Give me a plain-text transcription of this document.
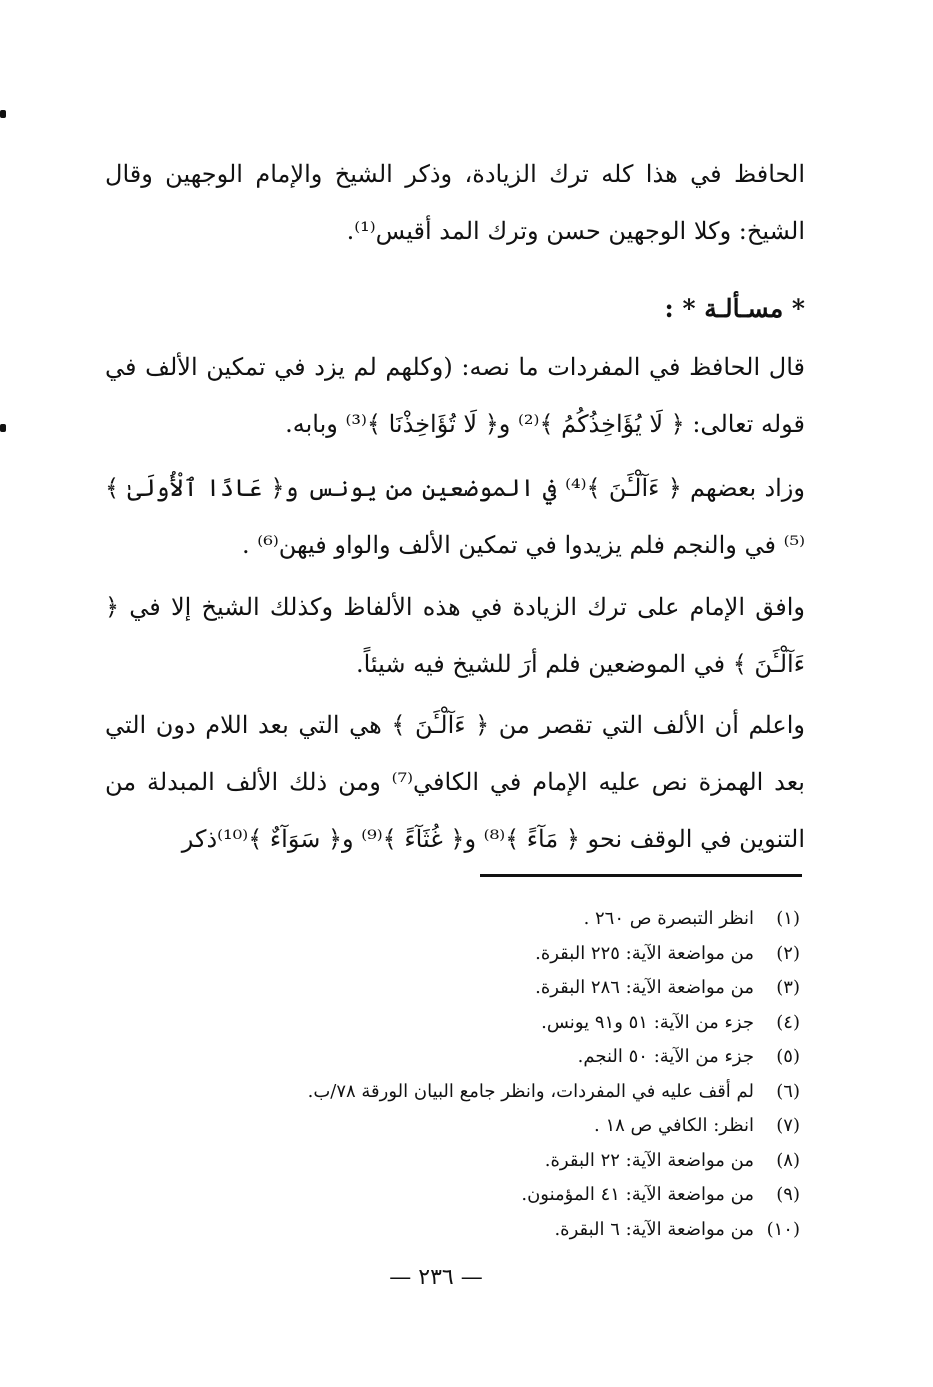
الحافظ في هذا كله ترك الزيادة، وذكر الشيخ والإمام الوجهين وقال الشيخ: وكلا الوجهين حسن وترك المد أقيس⁽¹⁾.

* مسـألـة * :

قال الحافظ في المفردات ما نصه: (وكلهم لم يزد في تمكين الألف في قوله تعالى: ﴿ لَا يُؤَاخِذُكُمُ ﴾⁽²⁾ و﴿ لَا تُؤَاخِذْنَا ﴾⁽³⁾ وبابه.

وزاد بعضهم ﴿ ءَآلْـَٔنَ ﴾⁽⁴⁾ في الموضعين من يونس و﴿ عَادًا ٱلْأُولَىٰ ﴾⁽⁵⁾ في والنجم فلم يزيدوا في تمكين الألف والواو فيهن⁽⁶⁾ .

وافق الإمام على ترك الزيادة في هذه الألفاظ وكذلك الشيخ إلا في ﴿ ءَآلْـَٔنَ ﴾ في الموضعين فلم أرَ للشيخ فيه شيئاً.

واعلم أن الألف التي تقصر من ﴿ ءَآلْـَٔنَ ﴾ هي التي بعد اللام دون التي بعد الهمزة نص عليه الإمام في الكافي⁽⁷⁾ ومن ذلك الألف المبدلة من التنوين في الوقف نحو ﴿ مَآءً ﴾⁽⁸⁾ و﴿ غُثَآءً ﴾⁽⁹⁾ و﴿ سَوَآءٌ ﴾⁽¹⁰⁾ذكر

(١)
انظر التبصرة ص ٢٦٠ .
(٢)
من مواضعة الآية: ٢٢٥ البقرة.
(٣)
من مواضعة الآية: ٢٨٦ البقرة.
(٤)
جزء من الآية: ٥١ و٩١ يونس.
(٥)
جزء من الآية: ٥٠ النجم.
(٦)
لم أقف عليه في المفردات، وانظر جامع البيان الورقة ٧٨/ب.
(٧)
انظر: الكافي ص ١٨ .
(٨)
من مواضعة الآية: ٢٢ البقرة.
(٩)
من مواضعة الآية: ٤١ المؤمنون.
(١٠)
من مواضعة الآية: ٦ البقرة.
— ٢٣٦ —
